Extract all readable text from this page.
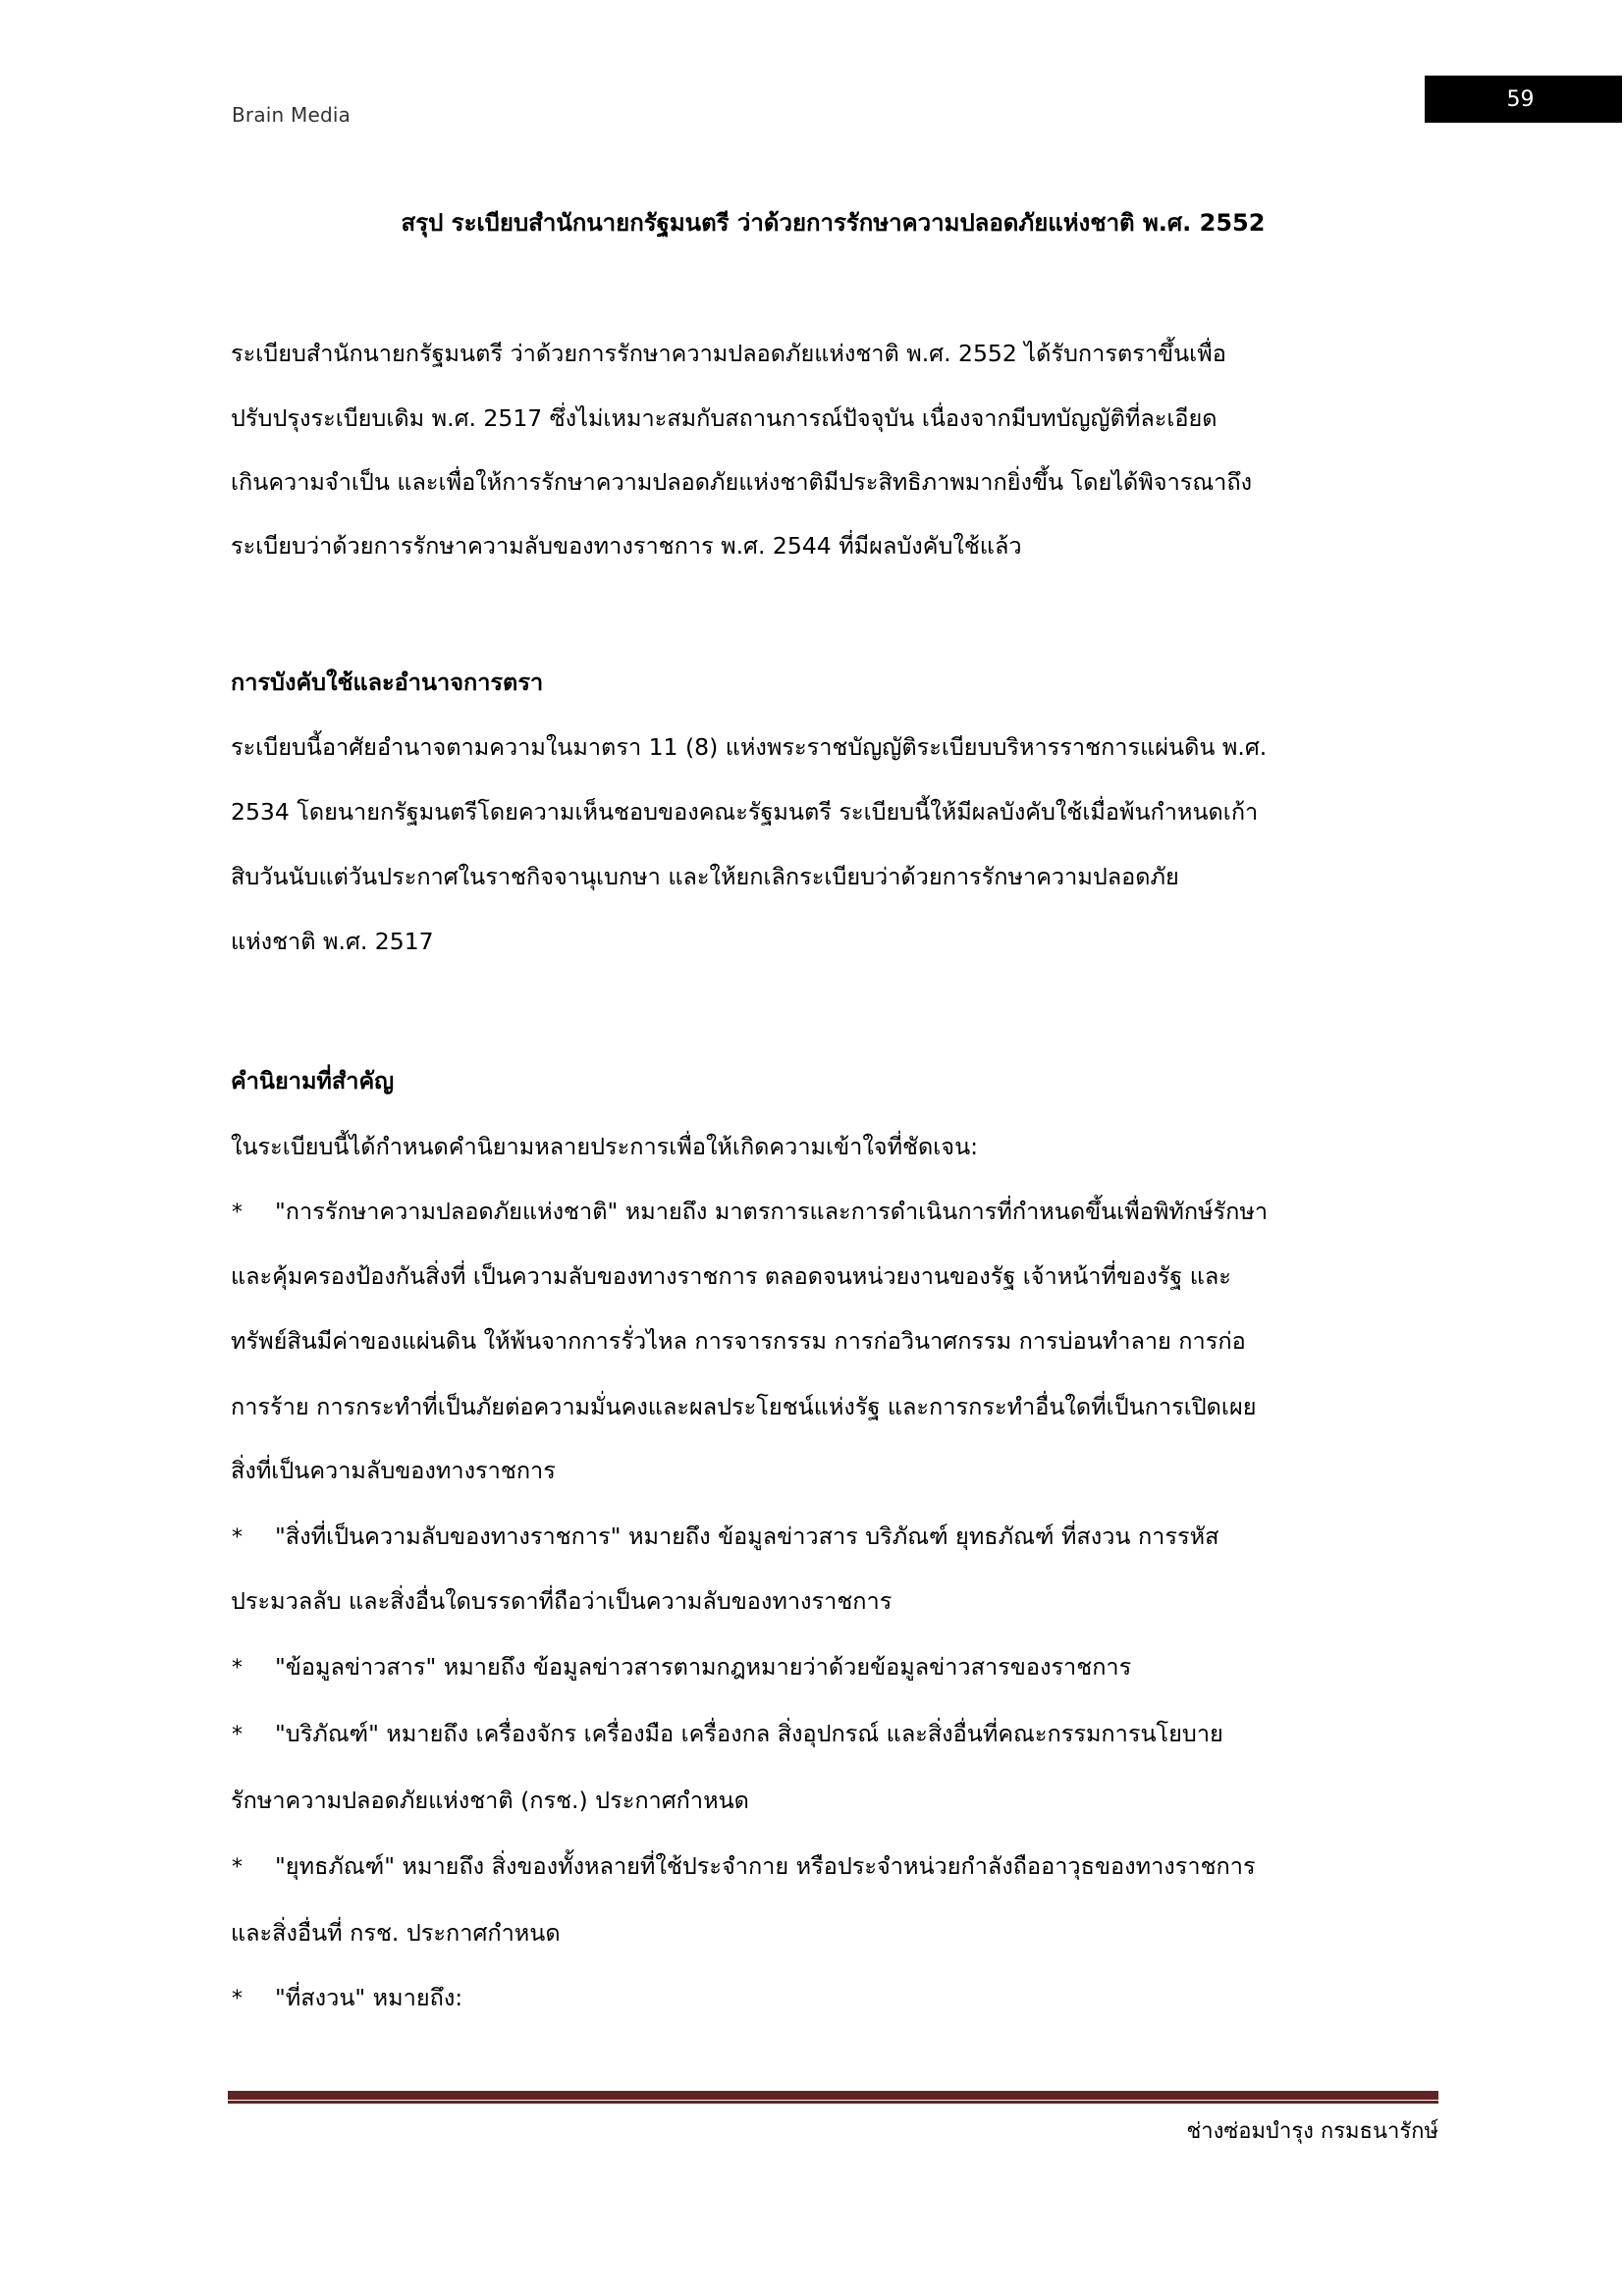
Brain Media
59
สรุป ระเบียบสำนักนายกรัฐมนตรี ว่าด้วยการรักษาความปลอดภัยแห่งชาติ พ.ศ. 2552
ระเบียบสำนักนายกรัฐมนตรี ว่าด้วยการรักษาความปลอดภัยแห่งชาติ พ.ศ. 2552 ได้รับการตราขึ้นเพื่อ
ปรับปรุงระเบียบเดิม พ.ศ. 2517 ซึ่งไม่เหมาะสมกับสถานการณ์ปัจจุบัน เนื่องจากมีบทบัญญัติที่ละเอียด
เกินความจำเป็น และเพื่อให้การรักษาความปลอดภัยแห่งชาติมีประสิทธิภาพมากยิ่งขึ้น โดยได้พิจารณาถึง
ระเบียบว่าด้วยการรักษาความลับของทางราชการ พ.ศ. 2544 ที่มีผลบังคับใช้แล้ว
การบังคับใช้และอำนาจการตรา
ระเบียบนี้อาศัยอำนาจตามความในมาตรา 11 (8) แห่งพระราชบัญญัติระเบียบบริหารราชการแผ่นดิน พ.ศ.
2534 โดยนายกรัฐมนตรีโดยความเห็นชอบของคณะรัฐมนตรี ระเบียบนี้ให้มีผลบังคับใช้เมื่อพ้นกำหนดเก้า
สิบวันนับแต่วันประกาศในราชกิจจานุเบกษา และให้ยกเลิกระเบียบว่าด้วยการรักษาความปลอดภัย
แห่งชาติ พ.ศ. 2517
คำนิยามที่สำคัญ
ในระเบียบนี้ได้กำหนดคำนิยามหลายประการเพื่อให้เกิดความเข้าใจที่ชัดเจน:
* "การรักษาความปลอดภัยแห่งชาติ" หมายถึง มาตรการและการดำเนินการที่กำหนดขึ้นเพื่อพิทักษ์รักษา
และคุ้มครองป้องกันสิ่งที่ เป็นความลับของทางราชการ ตลอดจนหน่วยงานของรัฐ เจ้าหน้าที่ของรัฐ และ
ทรัพย์สินมีค่าของแผ่นดิน ให้พ้นจากการรั่วไหล การจารกรรม การก่อวินาศกรรม การบ่อนทำลาย การก่อ
การร้าย การกระทำที่เป็นภัยต่อความมั่นคงและผลประโยชน์แห่งรัฐ และการกระทำอื่นใดที่เป็นการเปิดเผย
สิ่งที่เป็นความลับของทางราชการ
* "สิ่งที่เป็นความลับของทางราชการ" หมายถึง ข้อมูลข่าวสาร บริภัณฑ์ ยุทธภัณฑ์ ที่สงวน การรหัส
ประมวลลับ และสิ่งอื่นใดบรรดาที่ถือว่าเป็นความลับของทางราชการ
* "ข้อมูลข่าวสาร" หมายถึง ข้อมูลข่าวสารตามกฎหมายว่าด้วยข้อมูลข่าวสารของราชการ
* "บริภัณฑ์" หมายถึง เครื่องจักร เครื่องมือ เครื่องกล สิ่งอุปกรณ์ และสิ่งอื่นที่คณะกรรมการนโยบาย
รักษาความปลอดภัยแห่งชาติ (กรช.) ประกาศกำหนด
* "ยุทธภัณฑ์" หมายถึง สิ่งของทั้งหลายที่ใช้ประจำกาย หรือประจำหน่วยกำลังถืออาวุธของทางราชการ
และสิ่งอื่นที่ กรช. ประกาศกำหนด
* "ที่สงวน" หมายถึง:
ช่างซ่อมบำรุง กรมธนารักษ์
